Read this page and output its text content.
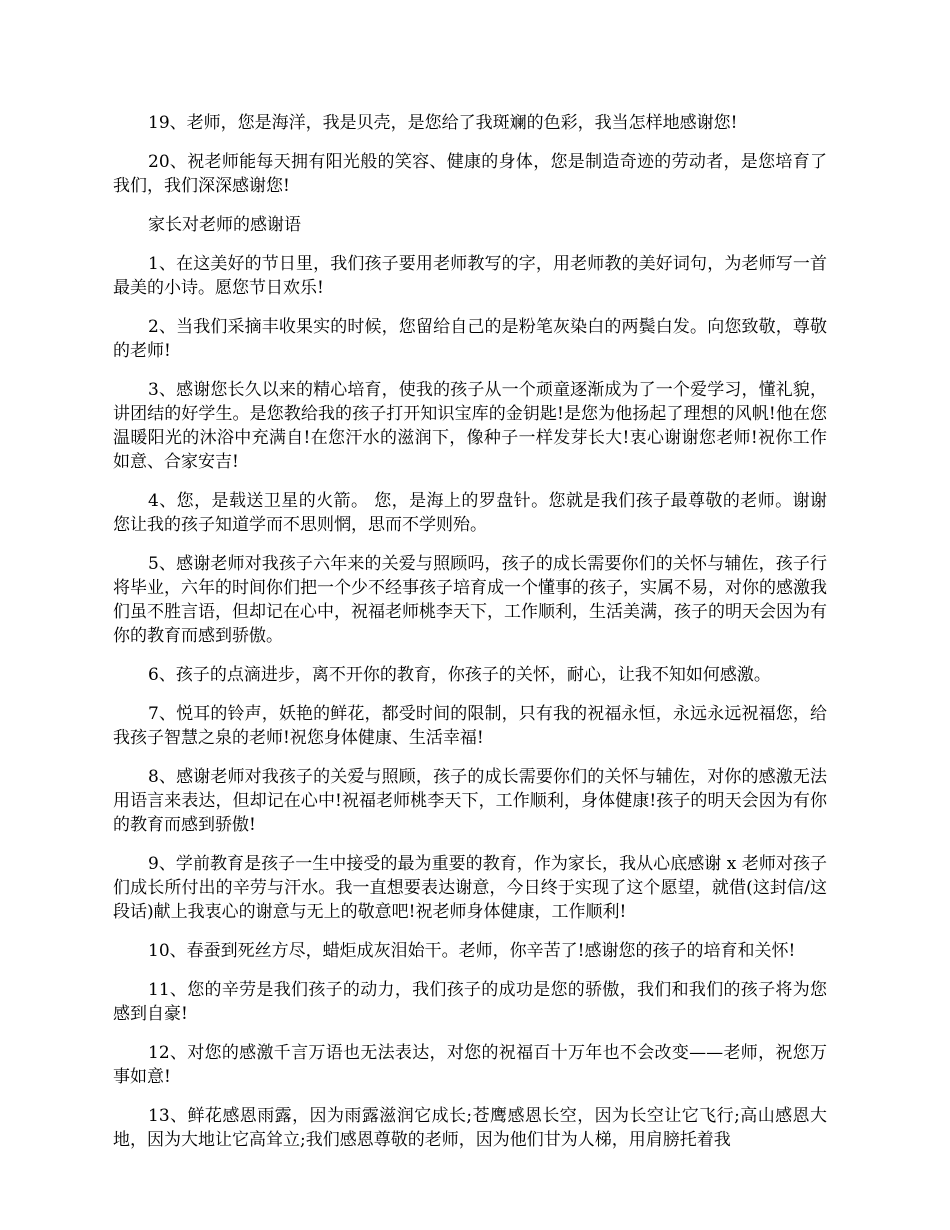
19、老师，您是海洋，我是贝壳，是您给了我斑斓的色彩，我当怎样地感谢您!

20、祝老师能每天拥有阳光般的笑容、健康的身体，您是制造奇迹的劳动者，是您培育了我们，我们深深感谢您!

家长对老师的感谢语

1、在这美好的节日里，我们孩子要用老师教写的字，用老师教的美好词句，为老师写一首最美的小诗。愿您节日欢乐!

2、当我们采摘丰收果实的时候，您留给自己的是粉笔灰染白的两鬓白发。向您致敬，尊敬的老师!

3、感谢您长久以来的精心培育，使我的孩子从一个顽童逐渐成为了一个爱学习，懂礼貌，讲团结的好学生。是您教给我的孩子打开知识宝库的金钥匙!是您为他扬起了理想的风帆!他在您温暖阳光的沐浴中充满自!在您汗水的滋润下，像种子一样发芽长大!衷心谢谢您老师!祝你工作如意、合家安吉!

4、您，是载送卫星的火箭。 您，是海上的罗盘针。您就是我们孩子最尊敬的老师。谢谢您让我的孩子知道学而不思则惘，思而不学则殆。

5、感谢老师对我孩子六年来的关爱与照顾吗，孩子的成长需要你们的关怀与辅佐，孩子行将毕业，六年的时间你们把一个少不经事孩子培育成一个懂事的孩子，实属不易，对你的感激我们虽不胜言语，但却记在心中，祝福老师桃李天下，工作顺利，生活美满，孩子的明天会因为有你的教育而感到骄傲。

6、孩子的点滴进步，离不开你的教育，你孩子的关怀，耐心，让我不知如何感激。

7、悦耳的铃声，妖艳的鲜花，都受时间的限制，只有我的祝福永恒，永远永远祝福您，给我孩子智慧之泉的老师!祝您身体健康、生活幸福!

8、感谢老师对我孩子的关爱与照顾，孩子的成长需要你们的关怀与辅佐，对你的感激无法用语言来表达，但却记在心中!祝福老师桃李天下，工作顺利，身体健康!孩子的明天会因为有你的教育而感到骄傲!

9、学前教育是孩子一生中接受的最为重要的教育，作为家长，我从心底感谢 x 老师对孩子们成长所付出的辛劳与汗水。我一直想要表达谢意，今日终于实现了这个愿望，就借(这封信/这段话)献上我衷心的谢意与无上的敬意吧!祝老师身体健康，工作顺利!

10、春蚕到死丝方尽，蜡炬成灰泪始干。老师，你辛苦了!感谢您的孩子的培育和关怀!

11、您的辛劳是我们孩子的动力，我们孩子的成功是您的骄傲，我们和我们的孩子将为您感到自豪!

12、对您的感激千言万语也无法表达，对您的祝福百十万年也不会改变——老师，祝您万事如意!

13、鲜花感恩雨露，因为雨露滋润它成长;苍鹰感恩长空，因为长空让它飞行;高山感恩大地，因为大地让它高耸立;我们感恩尊敬的老师，因为他们甘为人梯，用肩膀托着我
